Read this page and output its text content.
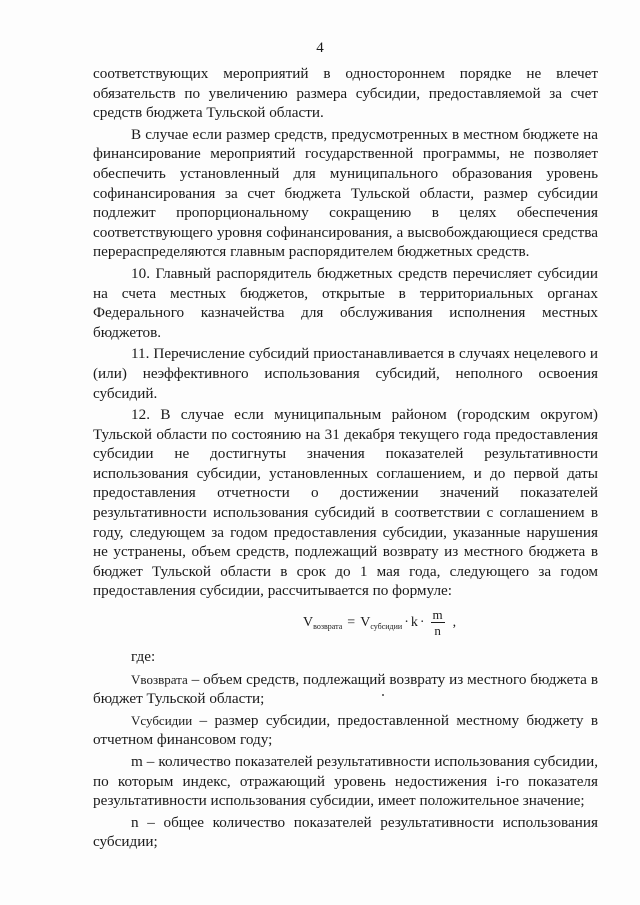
4

соответствующих мероприятий в одностороннем порядке не влечет обязательств по увеличению размера субсидии, предоставляемой за счет средств бюджета Тульской области.

В случае если размер средств, предусмотренных в местном бюджете на финансирование мероприятий государственной программы, не позволяет обеспечить установленный для муниципального образования уровень софинансирования за счет бюджета Тульской области, размер субсидии подлежит пропорциональному сокращению в целях обеспечения соответствующего уровня софинансирования, а высвобождающиеся средства перераспределяются главным распорядителем бюджетных средств.

10. Главный распорядитель бюджетных средств перечисляет субсидии на счета местных бюджетов, открытые в территориальных органах Федерального казначейства для обслуживания исполнения местных бюджетов.

11. Перечисление субсидий приостанавливается в случаях нецелевого и (или) неэффективного использования субсидий, неполного освоения субсидий.

12. В случае если муниципальным районом (городским округом) Тульской области по состоянию на 31 декабря текущего года предоставления субсидии не достигнуты значения показателей результативности использования субсидии, установленных соглашением, и до первой даты предоставления отчетности о достижении значений показателей результативности использования субсидий в соответствии с соглашением в году, следующем за годом предоставления субсидии, указанные нарушения не устранены, объем средств, подлежащий возврату из местного бюджета в бюджет Тульской области в срок до 1 мая года, следующего за годом предоставления субсидии, рассчитывается по формуле:

V возврата = V субсидии · $k \cdot \frac{m}{n}$ ,
где:

Vвозврата – объем средств, подлежащий возврату из местного бюджета в бюджет Тульской области;

Vсубсидии – размер субсидии, предоставленной местному бюджету в отчетном финансовом году;

m – количество показателей результативности использования субсидии, по которым индекс, отражающий уровень недостижения i-го показателя результативности использования субсидии, имеет положительное значение;

n – общее количество показателей результативности использования субсидии;
